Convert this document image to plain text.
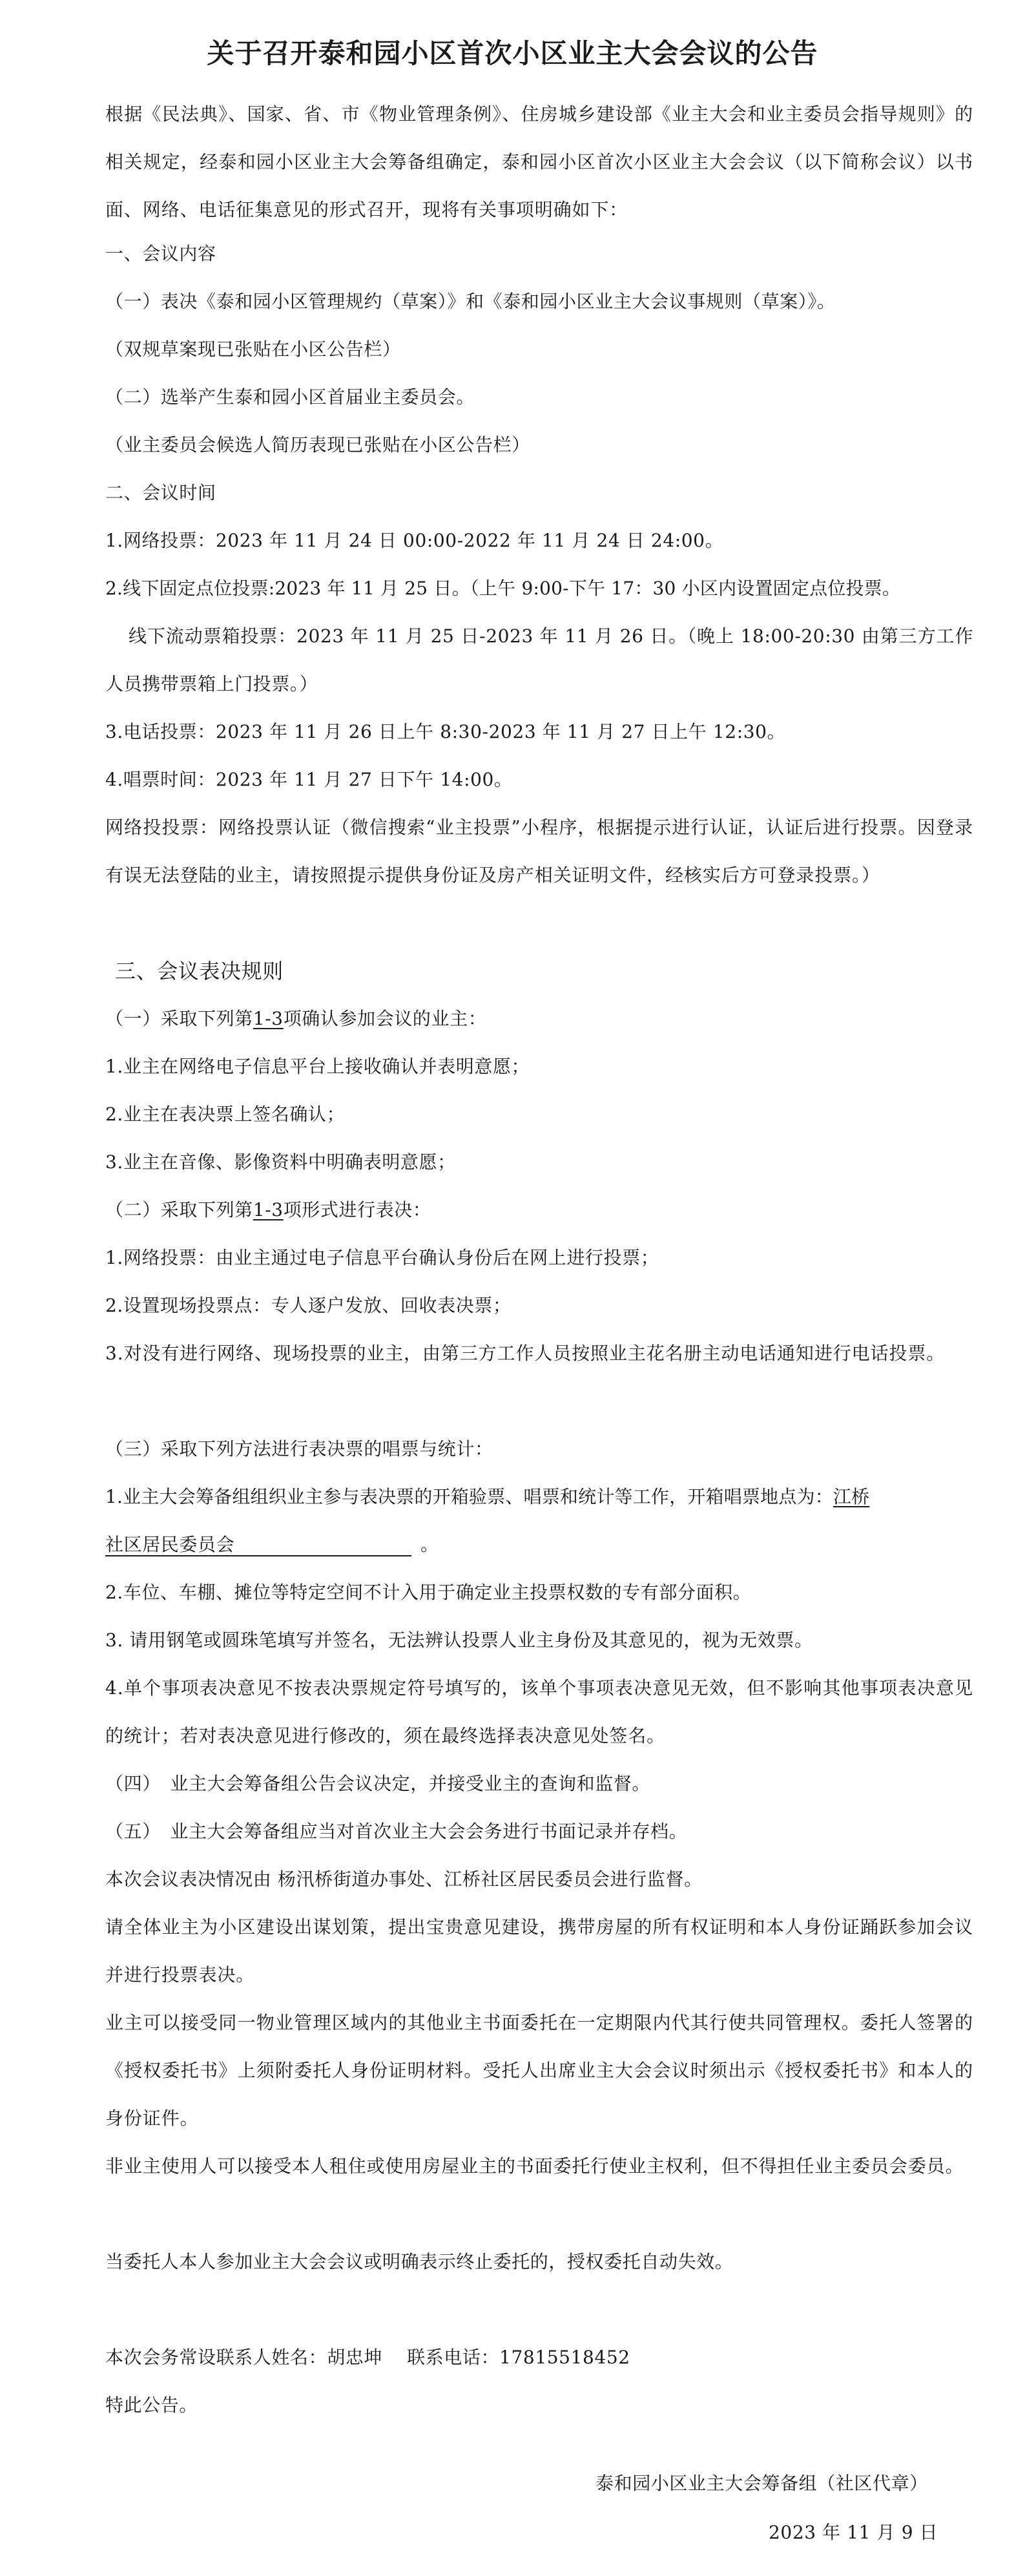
关于召开泰和园小区首次小区业主大会会议的公告
根据《民法典》、国家、省、市《物业管理条例》、住房城乡建设部《业主大会和业主委员会指导规则》的相关规定，经泰和园小区业主大会筹备组确定，泰和园小区首次小区业主大会会议（以下简称会议）以书面、网络、电话征集意见的形式召开，现将有关事项明确如下：
一、会议内容
（一）表决《泰和园小区管理规约（草案）》和《泰和园小区业主大会议事规则（草案）》。
（双规草案现已张贴在小区公告栏）
（二）选举产生泰和园小区首届业主委员会。
（业主委员会候选人简历表现已张贴在小区公告栏）
二、会议时间
1.网络投票：2023 年 11 月 24 日 00:00-2022 年 11 月 24 日 24:00。
2.线下固定点位投票:2023 年 11 月 25 日。（上午 9:00-下午 17：30 小区内设置固定点位投票。
线下流动票箱投票：2023 年 11 月 25 日-2023 年 11 月 26 日。（晚上 18:00-20:30 由第三方工作人员携带票箱上门投票。）
3.电话投票：2023 年 11 月 26 日上午 8:30-2023 年 11 月 27 日上午 12:30。
4.唱票时间：2023 年 11 月 27 日下午 14:00。
网络投投票：网络投票认证（微信搜索“业主投票”小程序，根据提示进行认证，认证后进行投票。因登录有误无法登陆的业主，请按照提示提供身份证及房产相关证明文件，经核实后方可登录投票。）
三、会议表决规则
（一）采取下列第1-3项确认参加会议的业主：
1.业主在网络电子信息平台上接收确认并表明意愿；
2.业主在表决票上签名确认；
3.业主在音像、影像资料中明确表明意愿；
（二）采取下列第1-3项形式进行表决：
1.网络投票：由业主通过电子信息平台确认身份后在网上进行投票；
2.设置现场投票点：专人逐户发放、回收表决票；
3.对没有进行网络、现场投票的业主，由第三方工作人员按照业主花名册主动电话通知进行电话投票。
（三）采取下列方法进行表决票的唱票与统计：
1.业主大会筹备组组织业主参与表决票的开箱验票、唱票和统计等工作，开箱唱票地点为：江桥
社区居民委员会	。
2.车位、车棚、摊位等特定空间不计入用于确定业主投票权数的专有部分面积。
3. 请用钢笔或圆珠笔填写并签名，无法辨认投票人业主身份及其意见的，视为无效票。
4.单个事项表决意见不按表决票规定符号填写的，该单个事项表决意见无效，但不影响其他事项表决意见的统计；若对表决意见进行修改的，须在最终选择表决意见处签名。
（四）　业主大会筹备组公告会议决定，并接受业主的查询和监督。
（五）　业主大会筹备组应当对首次业主大会会务进行书面记录并存档。
本次会议表决情况由 杨汛桥街道办事处、江桥社区居民委员会进行监督。
请全体业主为小区建设出谋划策，提出宝贵意见建设，携带房屋的所有权证明和本人身份证踊跃参加会议并进行投票表决。
业主可以接受同一物业管理区域内的其他业主书面委托在一定期限内代其行使共同管理权。委托人签署的《授权委托书》上须附委托人身份证明材料。受托人出席业主大会会议时须出示《授权委托书》和本人的身份证件。
非业主使用人可以接受本人租住或使用房屋业主的书面委托行使业主权利，但不得担任业主委员会委员。
当委托人本人参加业主大会会议或明确表示终止委托的，授权委托自动失效。
本次会务常设联系人姓名：胡忠坤　 联系电话：17815518452
特此公告。
泰和园小区业主大会筹备组（社区代章）
2023 年 11 月 9 日
